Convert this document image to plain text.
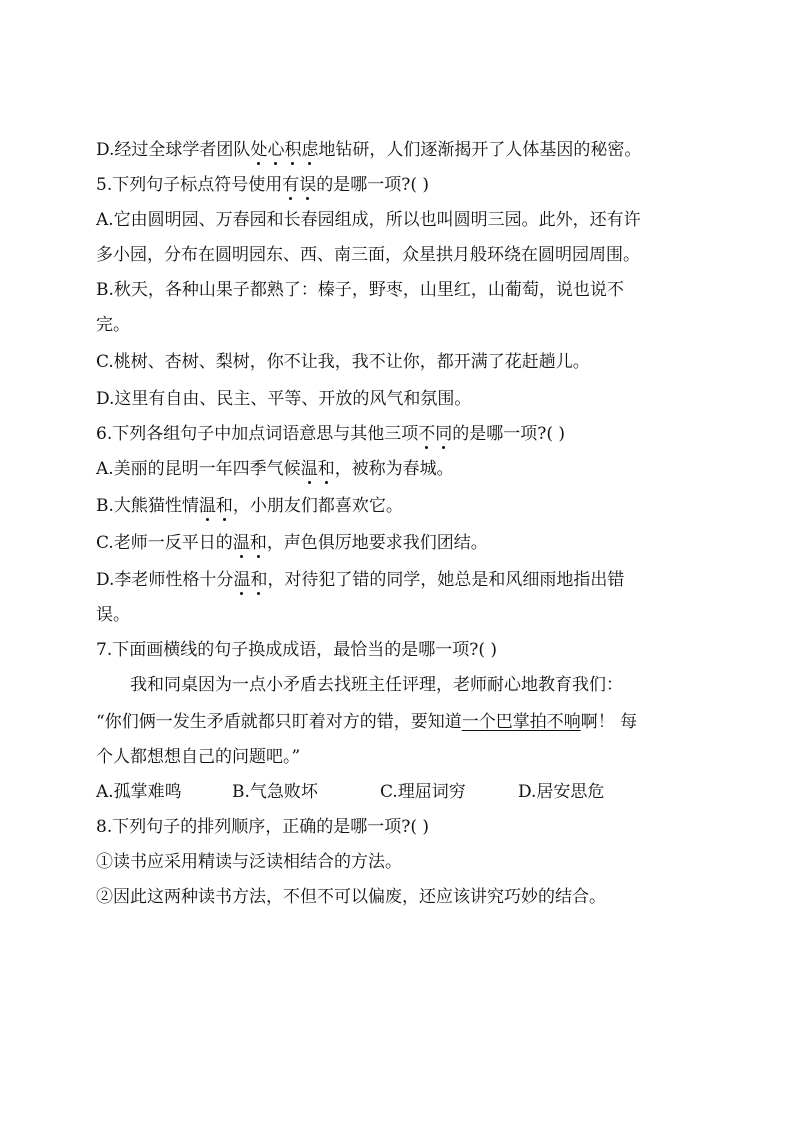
D.经过全球学者团队处心积虑地钻研，人们逐渐揭开了人体基因的秘密。
5.下列句子标点符号使用有误的是哪一项?( )
A.它由圆明园、万春园和长春园组成，所以也叫圆明三园。此外，还有许
多小园，分布在圆明园东、西、南三面，众星拱月般环绕在圆明园周围。
B.秋天，各种山果子都熟了：榛子，野枣，山里红，山葡萄，说也说不
完。
C.桃树、杏树、梨树，你不让我，我不让你，都开满了花赶趟儿。
D.这里有自由、民主、平等、开放的风气和氛围。
6.下列各组句子中加点词语意思与其他三项不同的是哪一项?( )
A.美丽的昆明一年四季气候温和，被称为春城。
B.大熊猫性情温和，小朋友们都喜欢它。
C.老师一反平日的温和，声色俱厉地要求我们团结。
D.李老师性格十分温和，对待犯了错的同学，她总是和风细雨地指出错
误。
7.下面画横线的句子换成成语，最恰当的是哪一项?( )
我和同桌因为一点小矛盾去找班主任评理，老师耐心地教育我们：
“你们俩一发生矛盾就都只盯着对方的错，要知道一个巴掌拍不响啊！ 每
个人都想想自己的问题吧。”
A.孤掌难鸣	B.气急败坏	C.理屈词穷	D.居安思危
8.下列句子的排列顺序，正确的是哪一项?( )
①读书应采用精读与泛读相结合的方法。
②因此这两种读书方法，不但不可以偏废，还应该讲究巧妙的结合。
